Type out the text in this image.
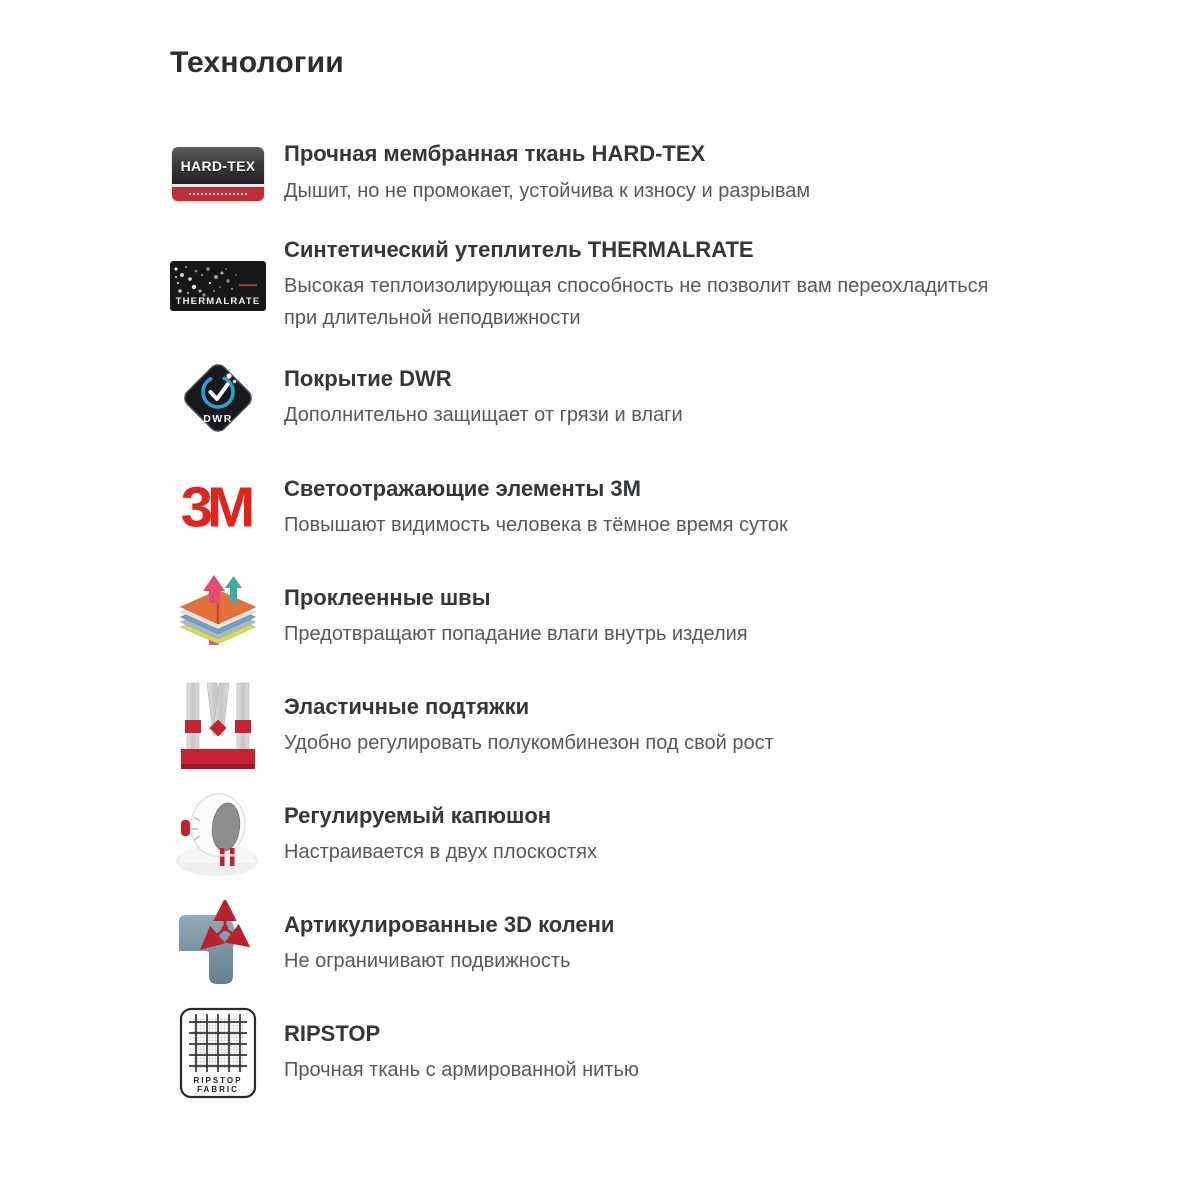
Технологии
HARD-TEX	Прочная мембранная ткань HARD-TEX

Дышит, но не промокает, устойчива к износу и разрывам

THERMALRATE

Синтетический утеплитель THERMALRATE

Высокая теплоизолирующая способность не позволит вам переохладиться при длительной неподвижности

DWR

Покрытие DWR

Дополнительно защищает от грязи и влаги

3M Светоотражающие элементы 3M

Повышают видимость человека в тёмное время суток

Проклеенные швы

Предотвращают попадание влаги внутрь изделия

Эластичные подтяжки

Удобно регулировать полукомбинезон под свой рост

Регулируемый капюшон

Настраивается в двух плоскостях

Артикулированные 3D колени

Не ограничивают подвижность

RIPSTOP
FABRIC

RIPSTOP

Прочная ткань с армированной нитью
